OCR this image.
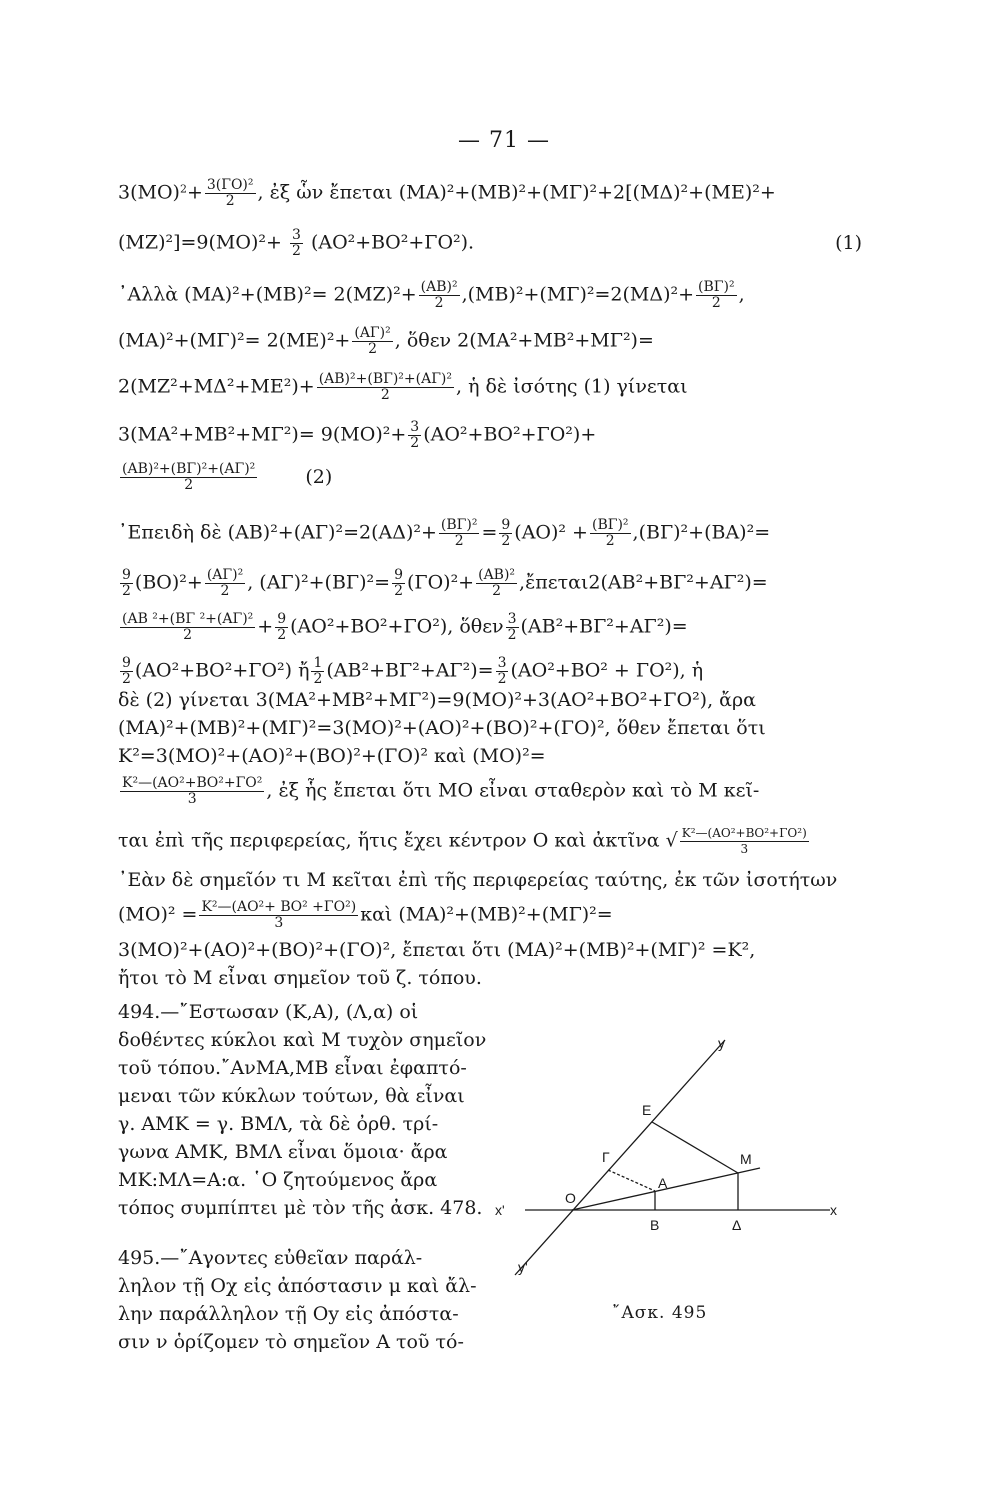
— 71 —
$3(MO)^2+ \frac{\text{3(ΓΟ)²}}{2}$ , ἐξ ὧν ἔπεται (ΜΑ)²+(ΜΒ)²+(ΜΓ)²+2[(ΜΔ)²+(ΜΕ)²+
$(MZ)^2]=9(MO)^2+ \frac{3}{2} (AO^2+BO^2+\Gamma O^2)$.	(1)
᾿Αλλὰ $(MA)^2+(MB)^2= 2(MZ)^2+ \frac{\text{(ΑΒ)²}}{2} ,(MB)^2+(M\Gamma)^2=2(M\Delta)^2+ \frac{\text{(ΒΓ)²}}{2}$ ,
$(MA)^2+(M\Gamma)^2= 2(ME)^2+ \frac{\text{(ΑΓ)²}}{2}$ , ὅθεν 2(ΜΑ²+ΜΒ²+ΜΓ²)=
$2(MZ^2+M\Delta^2+ME^2)+ \frac{\text{(ΑΒ)²+(ΒΓ)²+(ΑΓ)²}}{2}$ , ἡ δὲ ἰσότης (1) γίνεται
$3(MA^2+MB^2+M\Gamma^2)= 9(MO)^2+ \frac{3}{2} (AO^2+BO^2+\Gamma O^2)+$
$\frac{\text{(ΑΒ)²+(ΒΓ)²+(ΑΓ)²}}{2}$	(2)
᾿Επειδὴ δὲ $(AB)^2+(A\Gamma)^2=2(A\Delta)^2+ \frac{\text{(ΒΓ)²}}{2} = \frac{9}{2} (AO)^2 + \frac{\text{(ΒΓ)²}}{2} ,(B\Gamma)^2+(BA)^2=$
$\frac{9}{2} (BO)^2+ \frac{\text{(ΑΓ)²}}{2}$ , $(A\Gamma)^2+(B\Gamma)^2= \frac{9}{2} (\Gamma O)^2+ \frac{\text{(ΑΒ)²}}{2}$ ,ἔπεται2(ΑΒ²+ΒΓ²+ΑΓ²)=
$\frac{\text{(ΑΒ ²+(ΒΓ ²+(ΑΓ)²}}{2} + \frac{9}{2} (AO^2+BO^2+\Gamma O^2)$, ὅθεν $\frac{3}{2} (AB^2+B\Gamma^2+A\Gamma^2)=$
$\frac{9}{2} (AO^2+BO^2+\Gamma O^2)$ ἤ $\frac{1}{2} (AB^2+B\Gamma^2+A\Gamma^2)= \frac{3}{2} (AO^2+BO^2 + \Gamma O^2)$, ἡ
δὲ (2) γίνεται 3(ΜΑ²+ΜΒ²+ΜΓ²)=9(ΜΟ)²+3(ΑΟ²+ΒΟ²+ΓΟ²), ἄρα
(ΜΑ)²+(ΜΒ)²+(ΜΓ)²=3(ΜΟ)²+(ΑΟ)²+(ΒΟ)²+(ΓΟ)², ὅθεν ἔπεται ὅτι
Κ²=3(ΜΟ)²+(ΑΟ)²+(ΒΟ)²+(ΓΟ)² καὶ (ΜΟ)²=
$\frac{\text{Κ²—(ΑΟ²+ΒΟ²+ΓΟ²}}{3}$ , ἐξ ἧς ἔπεται ὅτι ΜΟ εἶναι σταθερὸν καὶ τὸ Μ κεῖ-
ται ἐπὶ τῆς περιφερείας, ἥτις ἔχει κέντρον Ο καὶ ἀκτῖνα √ $\frac{\text{Κ²—(ΑΟ²+ΒΟ²+ΓΟ²)}}{3}$
᾿Εὰν δὲ σημεῖόν τι Μ κεῖται ἐπὶ τῆς περιφερείας ταύτης, ἐκ τῶν ἰσοτήτων
$(MO)^2 = \frac{\text{Κ²—(ΑΟ²+ ΒΟ² +ΓΟ²)}}{3}$ καὶ (ΜΑ)²+(ΜΒ)²+(ΜΓ)²=
3(ΜΟ)²+(ΑΟ)²+(ΒΟ)²+(ΓΟ)², ἔπεται ὅτι (ΜΑ)²+(ΜΒ)²+(ΜΓ)² =Κ²,
ἤτοι τὸ Μ εἶναι σημεῖον τοῦ ζ. τόπου.
494.—῎Εστωσαν (Κ,Α), (Λ,α) οἱ
δοθέντες κύκλοι καὶ Μ τυχὸν σημεῖον
τοῦ τόπου.῎ΑνΜΑ,ΜΒ εἶναι ἐφαπτό-
μεναι τῶν κύκλων τούτων, θὰ εἶναι
γ. ΑΜΚ = γ. ΒΜΛ, τὰ δὲ ὀρθ. τρί-
γωνα ΑΜΚ, ΒΜΛ εἶναι ὅμοια· ἄρα
ΜΚ:ΜΛ=Α:α. ῾Ο ζητούμενος ἄρα
τόπος συμπίπτει μὲ τὸν τῆς ἀσκ. 478.
495.—῎Αγοντες εὐθεῖαν παράλ-
ληλον τῇ Οχ εἰς ἀπόστασιν μ καὶ ἄλ-
λην παράλληλον τῇ Οy εἰς ἀπόστα-
σιν ν ὁρίζομεν τὸ σημεῖον Α τοῦ τό-
y
y'
x
x'
O
E
Γ	M
A
B	Δ
῎Ασκ. 495
